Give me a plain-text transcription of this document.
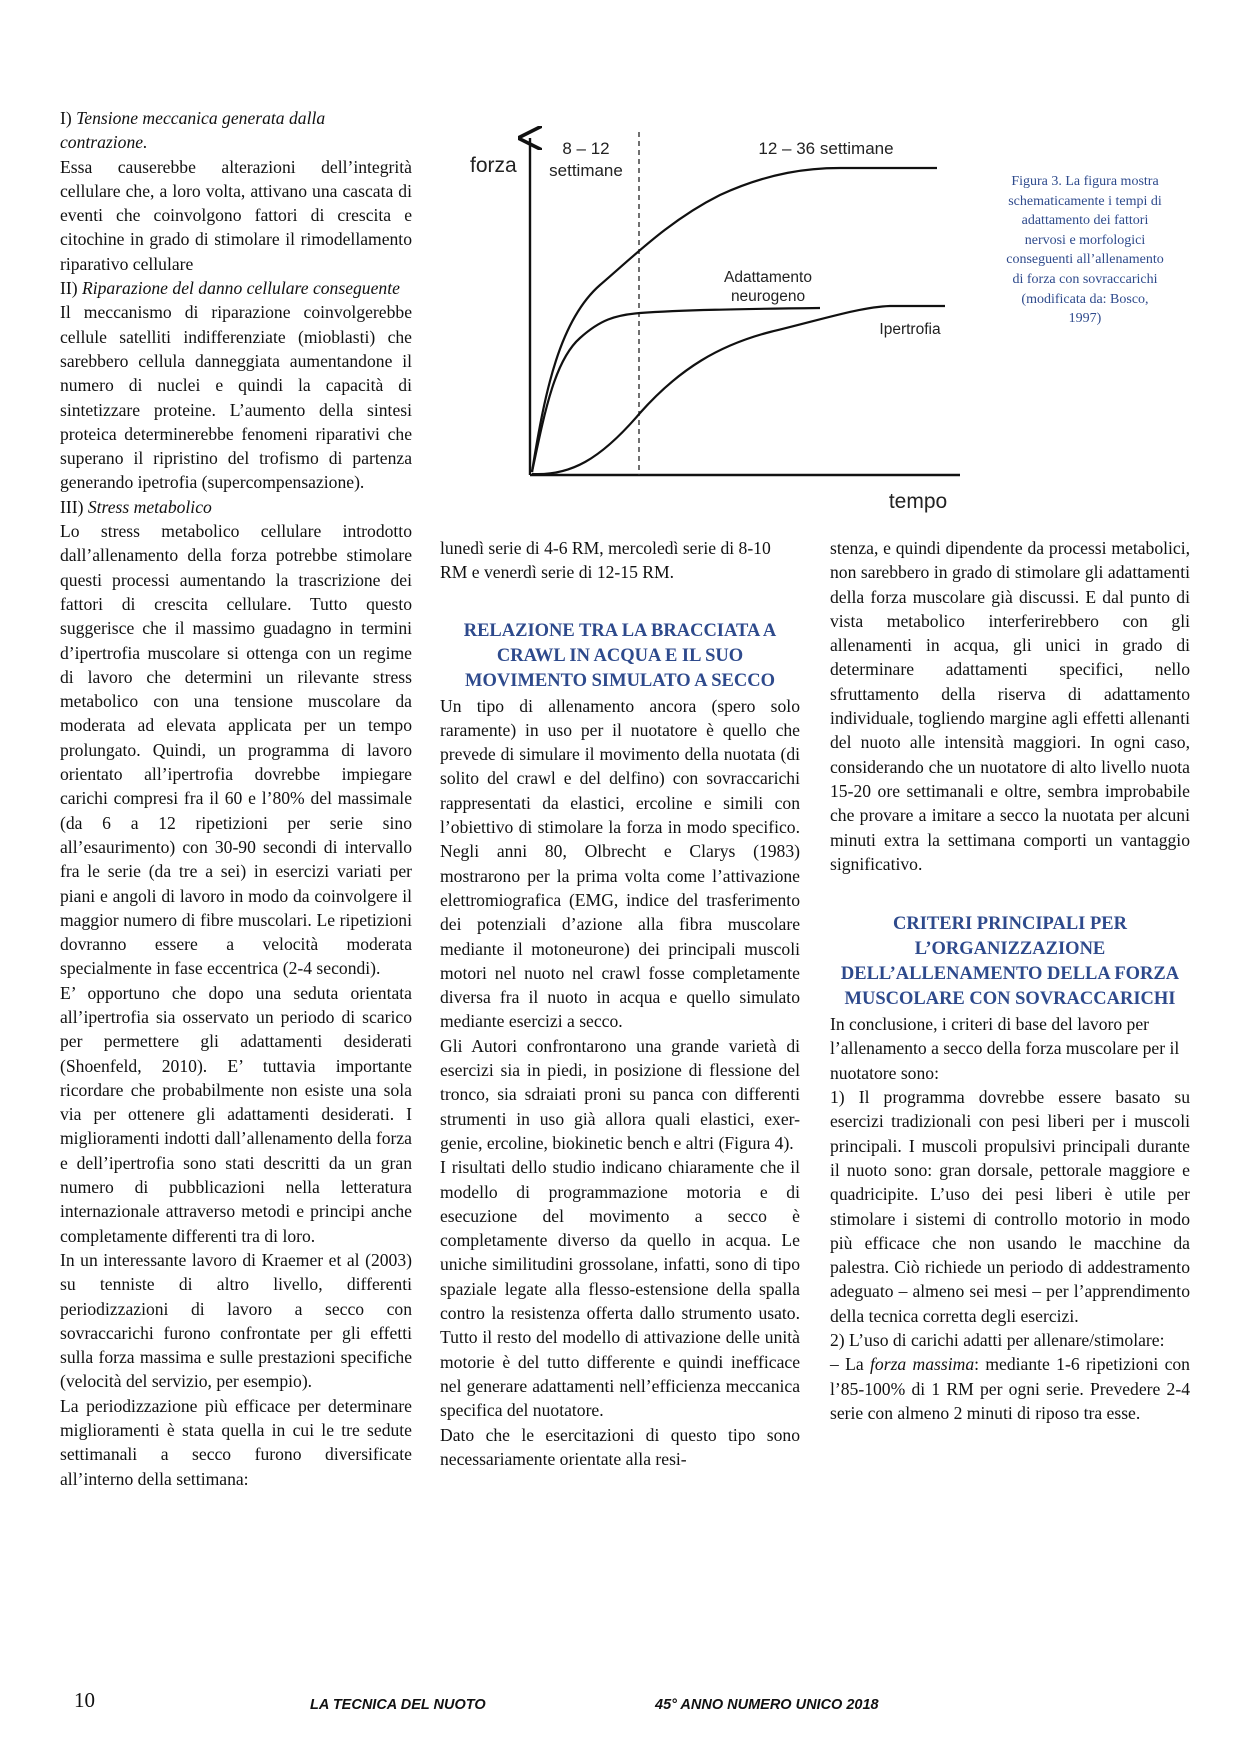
I) Tensione meccanica generata dalla contrazione.

Essa causerebbe alterazioni dell’integrità cellulare che, a loro volta, attivano una cascata di eventi che coinvolgono fattori di crescita e citochine in grado di stimolare il rimodellamento riparativo cellulare

II) Riparazione del danno cellulare conseguente

Il meccanismo di riparazione coinvolgerebbe cellule satelliti indifferenziate (mioblasti) che sarebbero cellula danneggiata aumentandone il numero di nuclei e quindi la capacità di sintetizzare proteine. L’aumento della sintesi proteica determinerebbe fenomeni riparativi che superano il ripristino del trofismo di partenza generando ipetrofia (supercompensazione).

III) Stress metabolico

Lo stress metabolico cellulare introdotto dall’allenamento della forza potrebbe stimolare questi processi aumentando la trascrizione dei fattori di crescita cellulare. Tutto questo suggerisce che il massimo guadagno in termini d’ipertrofia muscolare si ottenga con un regime di lavoro che determini un rilevante stress metabolico con una tensione muscolare da moderata ad elevata applicata per un tempo prolungato. Quindi, un programma di lavoro orientato all’ipertrofia dovrebbe impiegare carichi compresi fra il 60 e l’80% del massimale (da 6 a 12 ripetizioni per serie sino all’esaurimento) con 30-90 secondi di intervallo fra le serie (da tre a sei) in esercizi variati per piani e angoli di lavoro in modo da coinvolgere il maggior numero di fibre muscolari. Le ripetizioni dovranno essere a velocità moderata specialmente in fase eccentrica (2-4 secondi).

E’ opportuno che dopo una seduta orientata all’ipertrofia sia osservato un periodo di scarico per permettere gli adattamenti desiderati (Shoenfeld, 2010). E’ tuttavia importante ricordare che probabilmente non esiste una sola via per ottenere gli adattamenti desiderati. I miglioramenti indotti dall’allenamento della forza e dell’ipertrofia sono stati descritti da un gran numero di pubblicazioni nella letteratura internazionale attraverso metodi e principi anche completamente differenti tra di loro.

In un interessante lavoro di Kraemer et al (2003) su tenniste di altro livello, differenti periodizzazioni di lavoro a secco con sovraccarichi furono confrontate per gli effetti sulla forza massima e sulle prestazioni specifiche (velocità del servizio, per esempio).

La periodizzazione più efficace per determinare miglioramenti è stata quella in cui le tre sedute settimanali a secco furono diversificate all’interno della settimana:

forza
8 – 12
settimane
12 – 36 settimane
Adattamento
neurogeno
Ipertrofia
tempo
Figura 3. La figura mostra schematicamente i tempi di adattamento dei fattori nervosi e morfologici conseguenti all’allenamento di forza con sovraccarichi (modificata da: Bosco, 1997)

lunedì serie di 4-6 RM, mercoledì serie di 8-10 RM e venerdì serie di 12-15 RM.

RELAZIONE TRA LA BRACCIATA A CRAWL IN ACQUA E IL SUO MOVIMENTO SIMULATO A SECCO

Un tipo di allenamento ancora (spero solo raramente) in uso per il nuotatore è quello che prevede di simulare il movimento della nuotata (di solito del crawl e del delfino) con sovraccarichi rappresentati da elastici, ercoline e simili con l’obiettivo di stimolare la forza in modo specifico. Negli anni 80, Olbrecht e Clarys (1983) mostrarono per la prima volta come l’attivazione elettromiografica (EMG, indice del trasferimento dei potenziali d’azione alla fibra muscolare mediante il motoneurone) dei principali muscoli motori nel nuoto nel crawl fosse completamente diversa fra il nuoto in acqua e quello simulato mediante esercizi a secco.

Gli Autori confrontarono una grande varietà di esercizi sia in piedi, in posizione di flessione del tronco, sia sdraiati proni su panca con differenti strumenti in uso già allora quali elastici, exer-genie, ercoline, biokinetic bench e altri (Figura 4).

I risultati dello studio indicano chiaramente che il modello di programmazione motoria e di esecuzione del movimento a secco è completamente diverso da quello in acqua. Le uniche similitudini grossolane, infatti, sono di tipo spaziale legate alla flesso-estensione della spalla contro la resistenza offerta dallo strumento usato. Tutto il resto del modello di attivazione delle unità motorie è del tutto differente e quindi inefficace nel generare adattamenti nell’efficienza meccanica specifica del nuotatore.

Dato che le esercitazioni di questo tipo sono necessariamente orientate alla resi-

stenza, e quindi dipendente da processi metabolici, non sarebbero in grado di stimolare gli adattamenti della forza muscolare già discussi. E dal punto di vista metabolico interferirebbero con gli allenamenti in acqua, gli unici in grado di determinare adattamenti specifici, nello sfruttamento della riserva di adattamento individuale, togliendo margine agli effetti allenanti del nuoto alle intensità maggiori. In ogni caso, considerando che un nuotatore di alto livello nuota 15-20 ore settimanali e oltre, sembra improbabile che provare a imitare a secco la nuotata per alcuni minuti extra la settimana comporti un vantaggio significativo.

CRITERI PRINCIPALI PER L’ORGANIZZAZIONE DELL’ALLENAMENTO DELLA FORZA MUSCOLARE CON SOVRACCARICHI

In conclusione, i criteri di base del lavoro per l’allenamento a secco della forza muscolare per il nuotatore sono:

1) Il programma dovrebbe essere basato su esercizi tradizionali con pesi liberi per i muscoli principali. I muscoli propulsivi principali durante il nuoto sono: gran dorsale, pettorale maggiore e quadricipite. L’uso dei pesi liberi è utile per stimolare i sistemi di controllo motorio in modo più efficace che non usando le macchine da palestra. Ciò richiede un periodo di addestramento adeguato – almeno sei mesi – per l’apprendimento della tecnica corretta degli esercizi.

2) L’uso di carichi adatti per allenare/stimolare:

– La forza massima: mediante 1-6 ripetizioni con l’85-100% di 1 RM per ogni serie. Prevedere 2-4 serie con almeno 2 minuti di riposo tra esse.

10	LA TECNICA DEL NUOTO	45° ANNO NUMERO UNICO 2018
